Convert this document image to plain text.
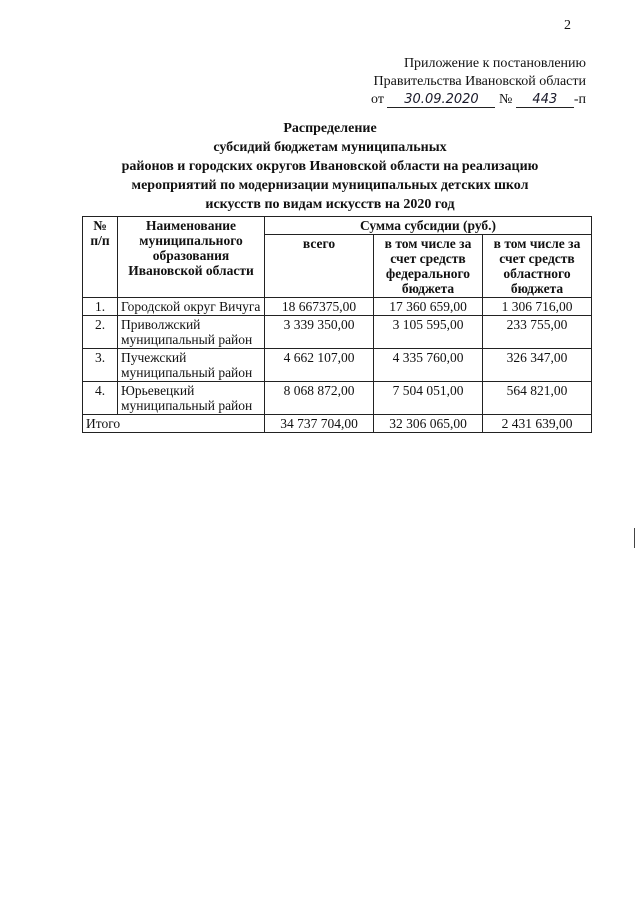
2
Приложение к постановлению
Правительства Ивановской области
от 30.09.2020 № 443 -п
Распределение
субсидий бюджетам муниципальных
районов и городских округов Ивановской области на реализацию
мероприятий по модернизации муниципальных детских школ
искусств по видам искусств на 2020 год
№ п/п	Наименование муниципального образования Ивановской области	Сумма субсидии (руб.)		
		всего	в том числе за счет средств федерального бюджета	в том числе за счет средств областного бюджета
1.	Городской округ Вичуга	18 667375,00	17 360 659,00	1 306 716,00
2.	Приволжский муниципальный район	3 339 350,00	3 105 595,00	233 755,00
3.	Пучежский муниципальный район	4 662 107,00	4 335 760,00	326 347,00
4.	Юрьевецкий муниципальный район	8 068 872,00	7 504 051,00	564 821,00
Итого		34 737 704,00	32 306 065,00	2 431 639,00
